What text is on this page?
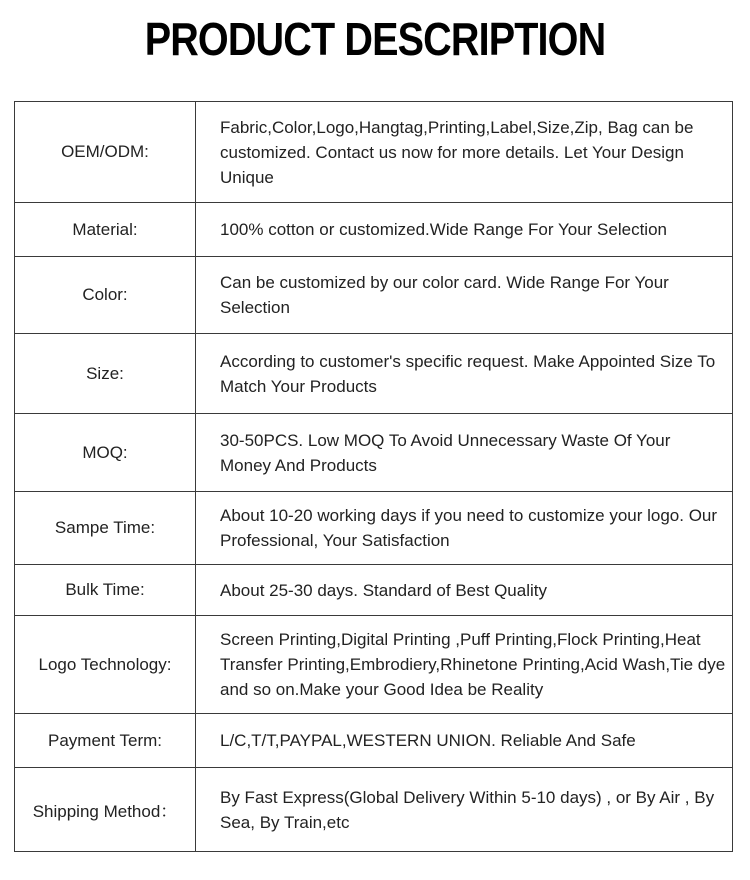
PRODUCT DESCRIPTION
OEM/ODM:	Fabric,Color,Logo,Hangtag,Printing,Label,Size,Zip, Bag can be customized. Contact us now for more details. Let Your Design Unique
Material:	100% cotton or customized.Wide Range For Your Selection
Color:	Can be customized by our color card. Wide Range For Your Selection
Size:	According to customer's specific request. Make Appointed Size To Match Your Products
MOQ:	30-50PCS. Low MOQ To Avoid Unnecessary Waste Of Your Money And Products
Sampe Time:	About 10-20 working days if you need to customize your logo. Our Professional, Your Satisfaction
Bulk Time:	About 25-30 days. Standard of Best Quality
Logo Technology:	Screen Printing,Digital Printing ,Puff Printing,Flock Printing,Heat Transfer Printing,Embrodiery,Rhinetone Printing,Acid Wash,Tie dye and so on.Make your Good Idea be Reality
Payment Term:	L/C,T/T,PAYPAL,WESTERN UNION. Reliable And Safe
Shipping Method：	By Fast Express(Global Delivery Within 5-10 days) , or By Air , By Sea, By Train,etc
